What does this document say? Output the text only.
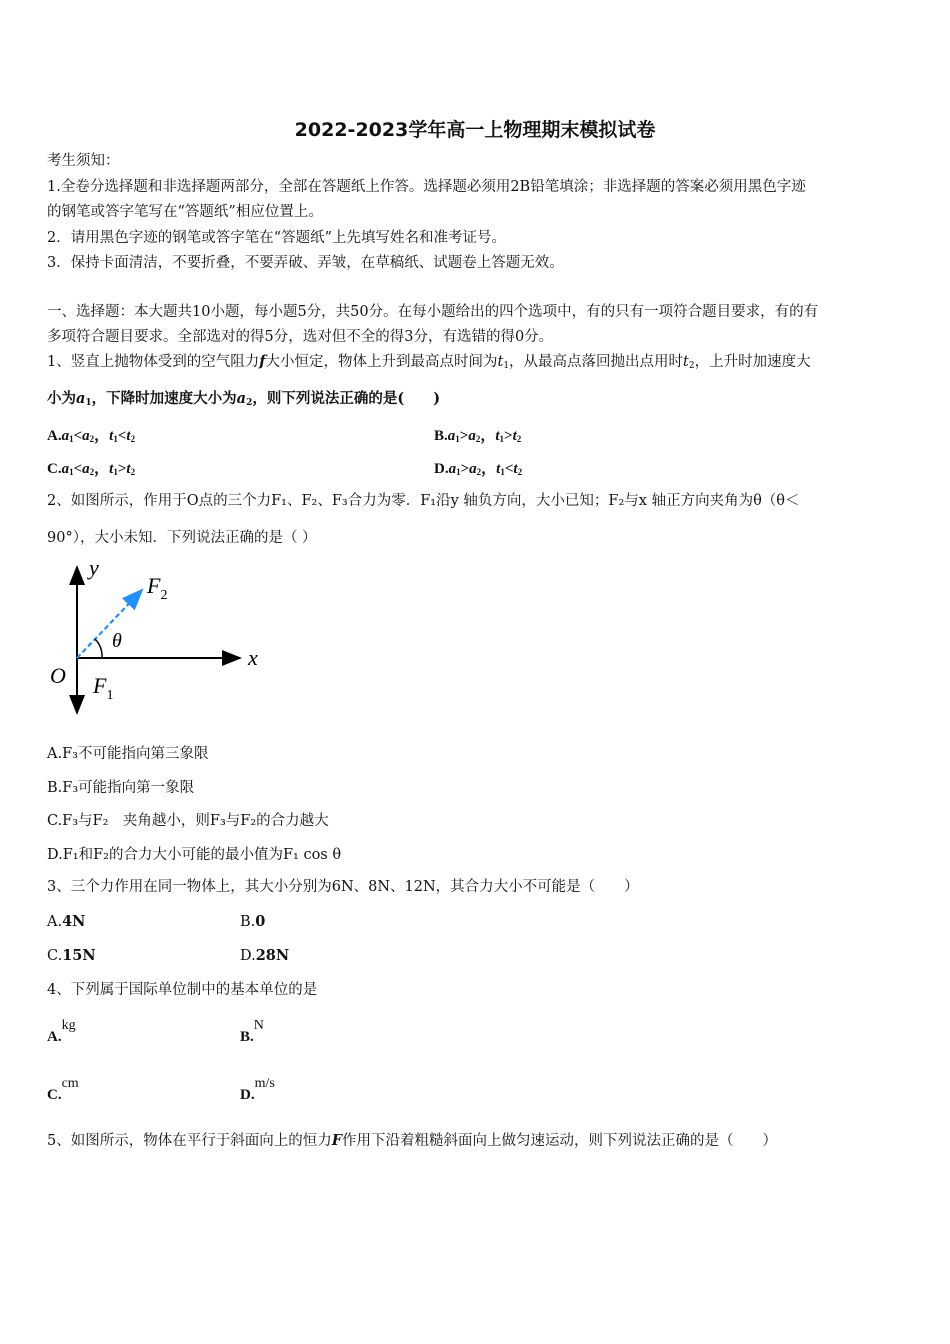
2022-2023学年高一上物理期末模拟试卷
考生须知：
1.全卷分选择题和非选择题两部分，全部在答题纸上作答。选择题必须用2B铅笔填涂；非选择题的答案必须用黑色字迹
的钢笔或答字笔写在“答题纸”相应位置上。
2．请用黑色字迹的钢笔或答字笔在“答题纸”上先填写姓名和准考证号。
3．保持卡面清洁，不要折叠，不要弄破、弄皱，在草稿纸、试题卷上答题无效。
一、选择题：本大题共10小题，每小题5分，共50分。在每小题给出的四个选项中，有的只有一项符合题目要求，有的有
多项符合题目要求。全部选对的得5分，选对但不全的得3分，有选错的得0分。
1、竖直上抛物体受到的空气阻力f大小恒定，物体上升到最高点时间为$t_1$，从最高点落回抛出点用时$t_2$，上升时加速度大
小为$a_1$，下降时加速度大小为$a_2$，则下列说法正确的是(　　)
$A.a_1<a_2$，$t_1<t_2$	$B.a_1>a_2$，$t_1>t_2$
$C.a_1<a_2$，$t_1>t_2$	$D.a_1>a_2$，$t_1<t_2$
2、如图所示，作用于O点的三个力F₁、F₂、F₃合力为零．F₁沿y 轴负方向，大小已知；F₂与x 轴正方向夹角为θ（θ＜
90°），大小未知．下列说法正确的是（ ）
y
x
O
$F_2$
θ
$F_1$
A.F₃不可能指向第三象限
B.F₃可能指向第一象限
C.F₃与F₂　夹角越小，则F₃与F₂的合力越大
D.F₁和F₂的合力大小可能的最小值为F₁ cos θ
3、三个力作用在同一物体上，其大小分别为6N、8N、12N，其合力大小不可能是（　　）
A.4N	B.0
C.15N	D.28N
4、下列属于国际单位制中的基本单位的是
A.kg
B.N
C.cm
D.m/s
5、如图所示，物体在平行于斜面向上的恒力F作用下沿着粗糙斜面向上做匀速运动，则下列说法正确的是（　　）
